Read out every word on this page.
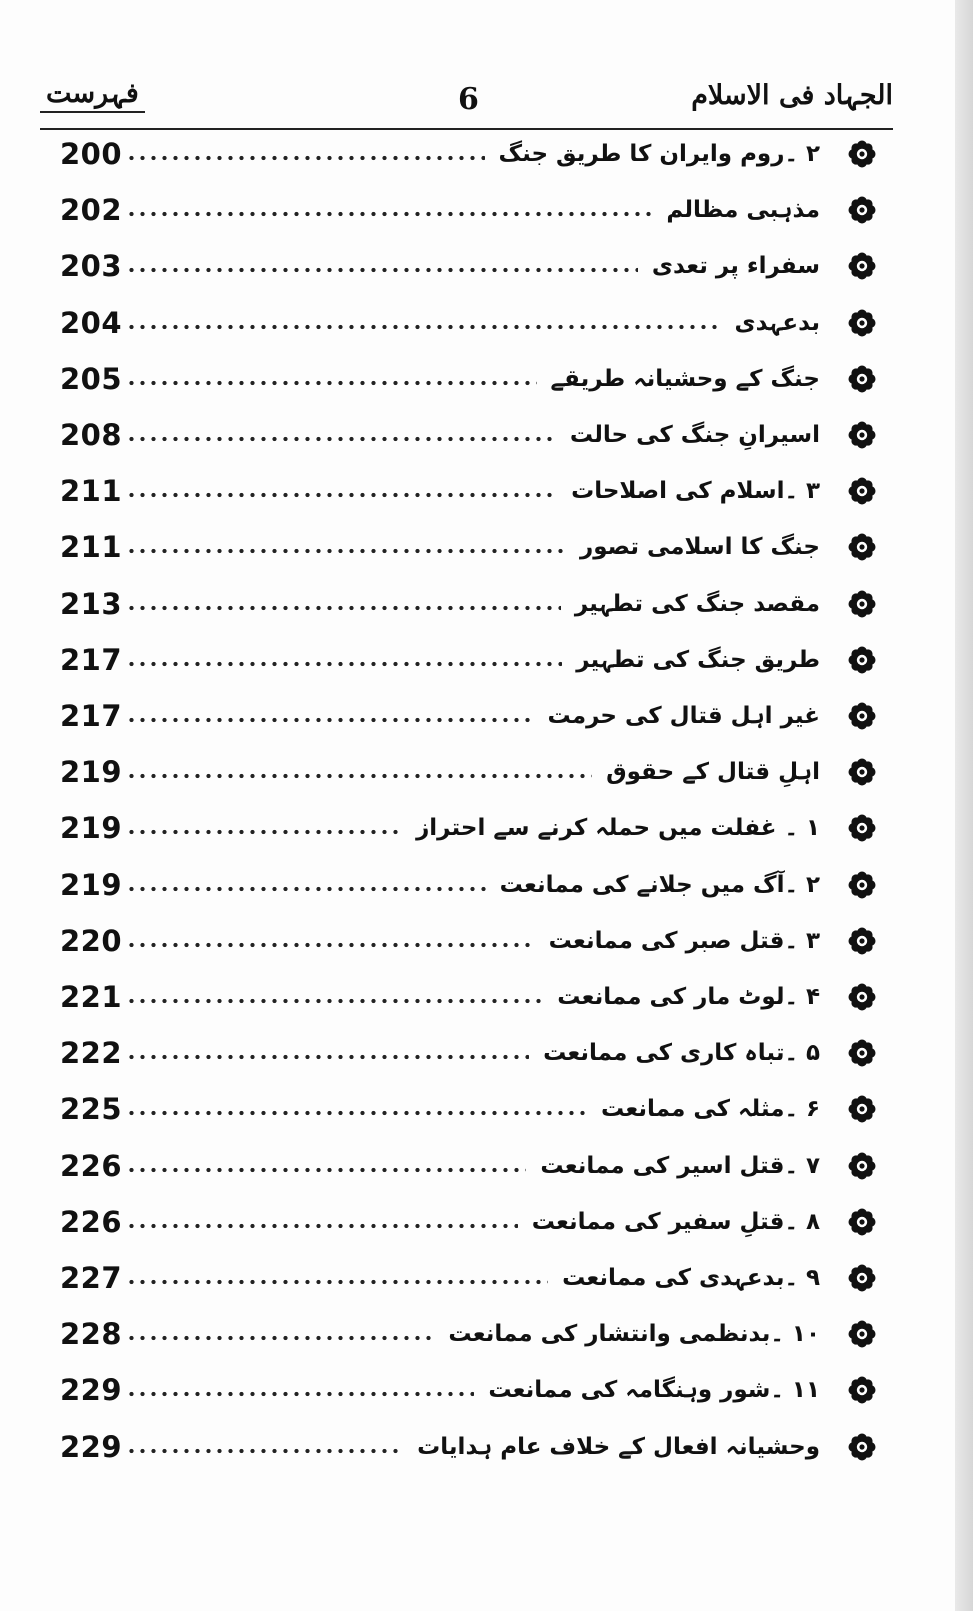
فہرست	6	الجہاد فی الاسلام
200	۲ ۔روم وایران کا طریق جنگ
202	مذہبی مظالم
203	سفراء پر تعدی
204	بدعہدی
205	جنگ کے وحشیانہ طریقے
208	اسیرانِ جنگ کی حالت
211	۳ ۔اسلام کی اصلاحات
211	جنگ کا اسلامی تصور
213	مقصد جنگ کی تطہیر
217	طریق جنگ کی تطہیر
217	غیر اہل قتال کی حرمت
219	اہلِ قتال کے حقوق
219	۱ ۔ غفلت میں حملہ کرنے سے احتراز
219	۲ ۔آگ میں جلانے کی ممانعت
220	۳ ۔قتل صبر کی ممانعت
221	۴ ۔لوٹ مار کی ممانعت
222	۵ ۔تباہ کاری کی ممانعت
225	۶ ۔مثلہ کی ممانعت
226	۷ ۔قتل اسیر کی ممانعت
226	۸ ۔قتلِ سفیر کی ممانعت
227	۹ ۔بدعہدی کی ممانعت
228	۱۰ ۔بدنظمی وانتشار کی ممانعت
229	۱۱ ۔شور وہنگامہ کی ممانعت
229	وحشیانہ افعال کے خلاف عام ہدایات
